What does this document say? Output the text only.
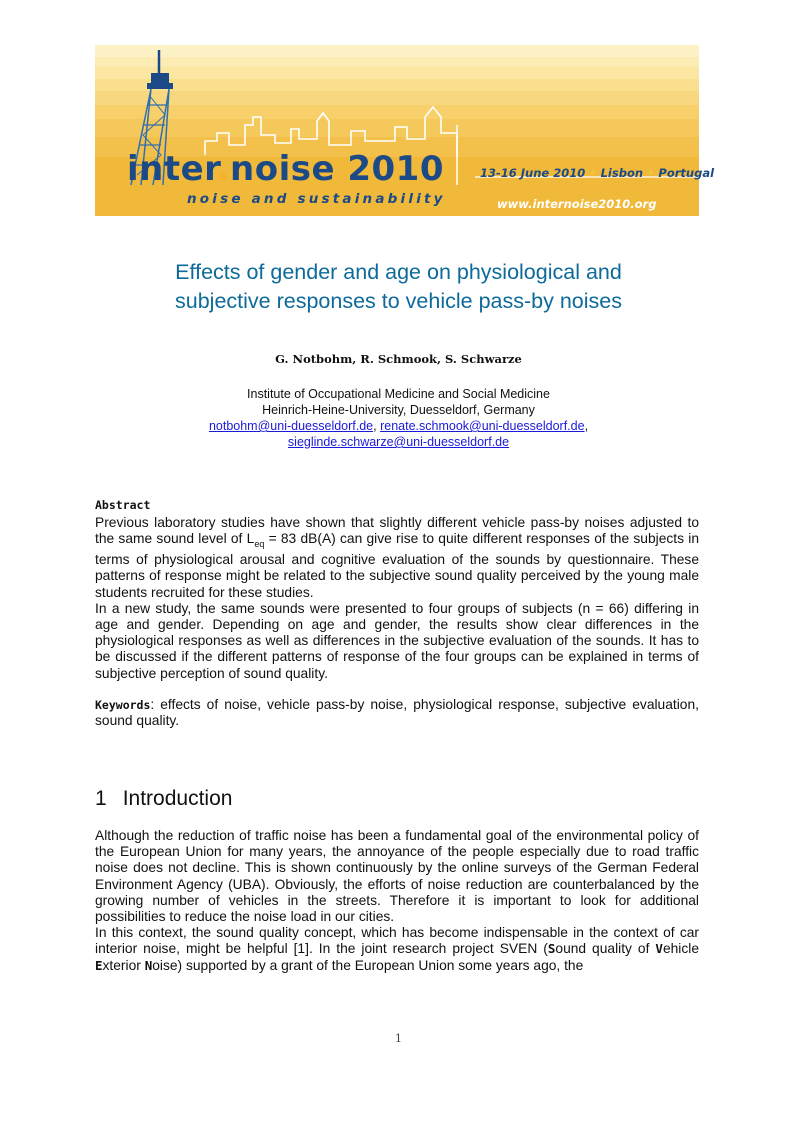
inter.noise 2010
noise and sustainability
13-16 June 2010 • Lisbon • Portugal
www.internoise2010.org
Effects of gender and age on physiological and
subjective responses to vehicle pass-by noises
G. Notbohm, R. Schmook, S. Schwarze
Institute of Occupational Medicine and Social Medicine
Heinrich-Heine-University, Duesseldorf, Germany
notbohm@uni-duesseldorf.de, renate.schmook@uni-duesseldorf.de,
sieglinde.schwarze@uni-duesseldorf.de
Abstract

Previous laboratory studies have shown that slightly different vehicle pass-by noises adjusted to the same sound level of $L_{eq} = 83$ dB(A) can give rise to quite different responses of the subjects in terms of physiological arousal and cognitive evaluation of the sounds by questionnaire. These patterns of response might be related to the subjective sound quality perceived by the young male students recruited for these studies.

In a new study, the same sounds were presented to four groups of subjects (n = 66) differing in age and gender. Depending on age and gender, the results show clear differences in the physiological responses as well as differences in the subjective evaluation of the sounds. It has to be discussed if the different patterns of response of the four groups can be explained in terms of subjective perception of sound quality.

Keywords: effects of noise, vehicle pass-by noise, physiological response, subjective evaluation, sound quality.
1 Introduction

Although the reduction of traffic noise has been a fundamental goal of the environmental policy of the European Union for many years, the annoyance of the people especially due to road traffic noise does not decline. This is shown continuously by the online surveys of the German Federal Environment Agency (UBA). Obviously, the efforts of noise reduction are counterbalanced by the growing number of vehicles in the streets. Therefore it is important to look for additional possibilities to reduce the noise load in our cities.

In this context, the sound quality concept, which has become indispensable in the context of car interior noise, might be helpful [1]. In the joint research project SVEN (Sound quality of Vehicle Exterior Noise) supported by a grant of the European Union some years ago, the

1
